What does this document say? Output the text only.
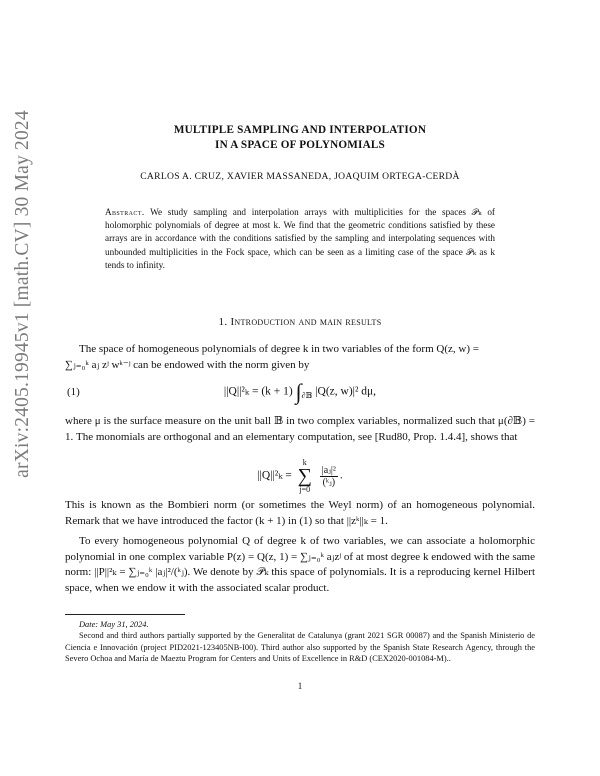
arXiv:2405.19945v1 [math.CV] 30 May 2024	MULTIPLE SAMPLING AND INTERPOLATION
IN A SPACE OF POLYNOMIALS
CARLOS A. CRUZ, XAVIER MASSANEDA, JOAQUIM ORTEGA-CERDÀ
Abstract. We study sampling and interpolation arrays with multiplicities for the spaces 𝒫ₖ of holomorphic polynomials of degree at most k. We find that the geometric conditions satisfied by these arrays are in accordance with the conditions satisfied by the sampling and interpolating sequences with unbounded multiplicities in the Fock space, which can be seen as a limiting case of the space 𝒫ₖ as k tends to infinity.
1. Introduction and main results

The space of homogeneous polynomials of degree k in two variables of the form Q(z, w) =

∑ⱼ₌₀ᵏ aⱼ zʲ wᵏ⁻ʲ can be endowed with the norm given by

(1)	||Q||²ₖ = (k + 1) $\int_{\partial 𝔹}$ |Q(z, w)|² dμ,

where μ is the surface measure on the unit ball 𝔹 in two complex variables, normalized such that μ(∂𝔹) = 1. The monomials are orthogonal and an elementary computation, see [Rud80, Prop. 1.4.4], shows that

||Q||²ₖ =
k
∑
j=0

$\frac{\text{|aⱼ|²}}{\text{(ᵏⱼ)}}$ .

This is known as the Bombieri norm (or sometimes the Weyl norm) of an homogeneous polynomial. Remark that we have introduced the factor (k + 1) in (1) so that ||zᵏ||ₖ = 1.

To every homogeneous polynomial Q of degree k of two variables, we can associate a holomorphic polynomial in one complex variable P(z) = Q(z, 1) = ∑ⱼ₌₀ᵏ aⱼzʲ of at most degree k endowed with the same norm: ||P||²ₖ = ∑ⱼ₌₀ᵏ |aⱼ|²/(ᵏⱼ). We denote by 𝒫ₖ this space of polynomials. It is a reproducing kernel Hilbert space, when we endow it with the associated scalar product.

Date: May 31, 2024.

Second and third authors partially supported by the Generalitat de Catalunya (grant 2021 SGR 00087) and the Spanish Ministerio de Ciencia e Innovación (project PID2021-123405NB-I00). Third author also supported by the Spanish State Research Agency, through the Severo Ochoa and María de Maeztu Program for Centers and Units of Excellence in R&D (CEX2020-001084-M)..

1
